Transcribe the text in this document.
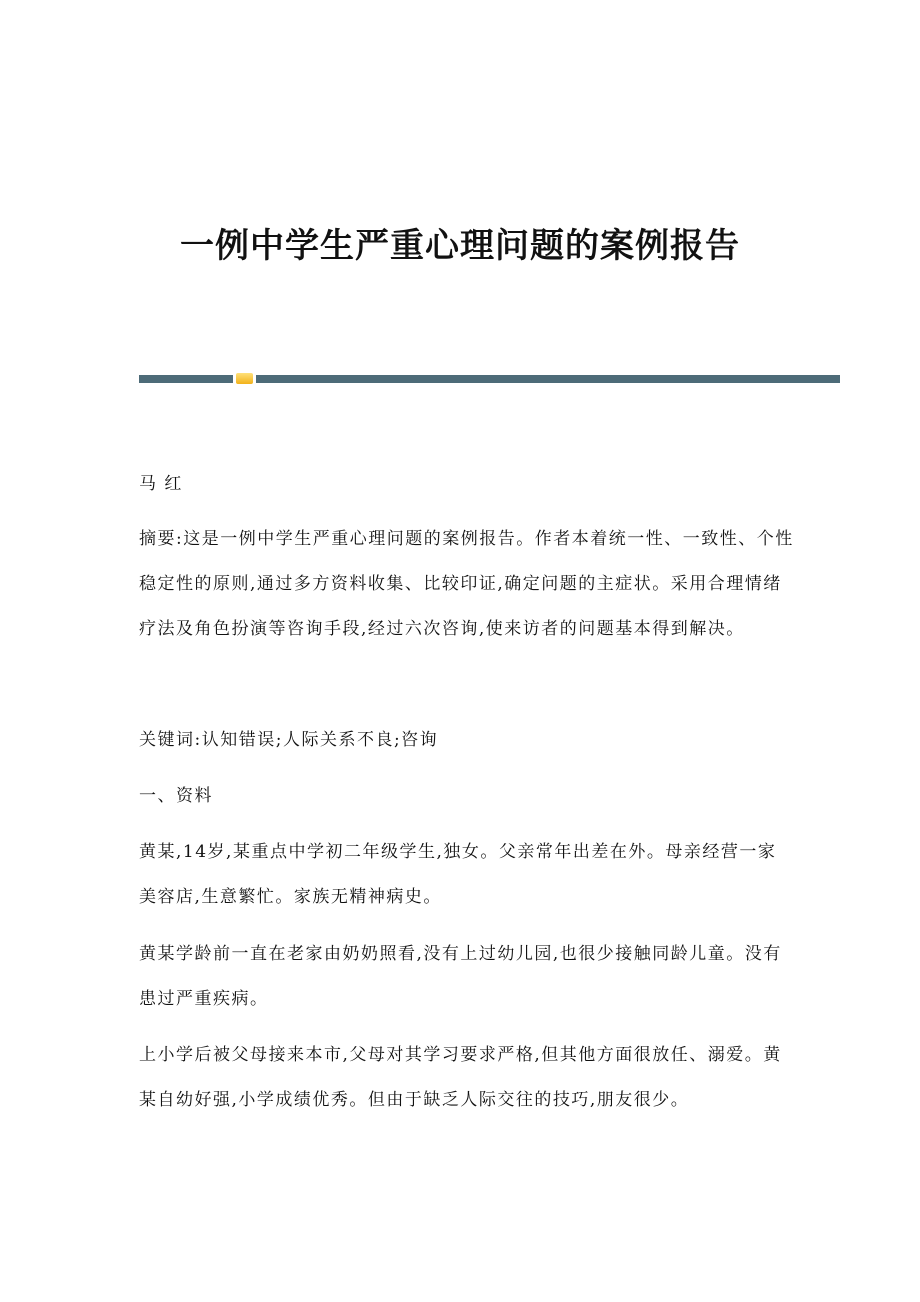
一例中学生严重心理问题的案例报告
马 红
摘要:这是一例中学生严重心理问题的案例报告。作者本着统一性、一致性、个性稳定性的原则,通过多方资料收集、比较印证,确定问题的主症状。采用合理情绪疗法及角色扮演等咨询手段,经过六次咨询,使来访者的问题基本得到解决。
关键词:认知错误;人际关系不良;咨询
一、资料
黄某,14岁,某重点中学初二年级学生,独女。父亲常年出差在外。母亲经营一家美容店,生意繁忙。家族无精神病史。
黄某学龄前一直在老家由奶奶照看,没有上过幼儿园,也很少接触同龄儿童。没有患过严重疾病。
上小学后被父母接来本市,父母对其学习要求严格,但其他方面很放任、溺爱。黄某自幼好强,小学成绩优秀。但由于缺乏人际交往的技巧,朋友很少。
